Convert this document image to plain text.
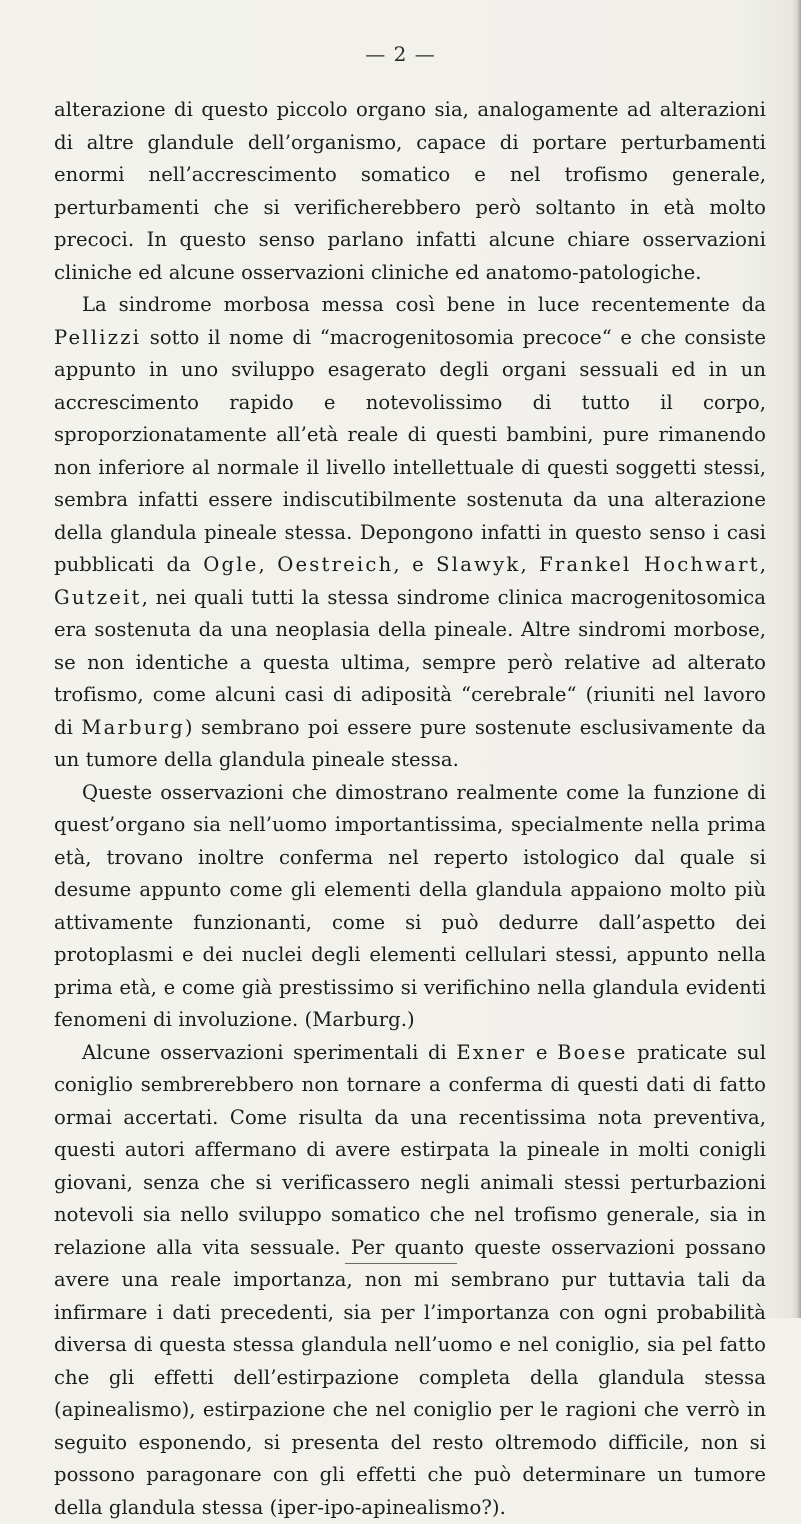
— 2 —

alterazione di questo piccolo organo sia, analogamente ad alterazioni di altre glandule dell’organismo, capace di portare perturbamenti enormi nell’accrescimento somatico e nel trofismo generale, perturbamenti che si verificherebbero però soltanto in età molto precoci. In questo senso parlano infatti alcune chiare osservazioni cliniche ed alcune osservazioni cliniche ed anatomo-patologiche.

La sindrome morbosa messa così bene in luce recentemente da Pellizzi sotto il nome di “macrogenitosomia precoce“ e che consiste appunto in uno sviluppo esagerato degli organi sessuali ed in un accrescimento rapido e notevolissimo di tutto il corpo, sproporzionatamente all’età reale di questi bambini, pure rimanendo non inferiore al normale il livello intellettuale di questi soggetti stessi, sembra infatti essere indiscutibilmente sostenuta da una alterazione della glandula pineale stessa. Depongono infatti in questo senso i casi pubblicati da Ogle, Oestreich, e Slawyk, Frankel Hochwart, Gutzeit, nei quali tutti la stessa sindrome clinica macrogenitosomica era sostenuta da una neoplasia della pineale. Altre sindromi morbose, se non identiche a questa ultima, sempre però relative ad alterato trofismo, come alcuni casi di adiposità “cerebrale“ (riuniti nel lavoro di Marburg) sembrano poi essere pure sostenute esclusivamente da un tumore della glandula pineale stessa.

Queste osservazioni che dimostrano realmente come la funzione di quest’organo sia nell’uomo importantissima, specialmente nella prima età, trovano inoltre conferma nel reperto istologico dal quale si desume appunto come gli elementi della glandula appaiono molto più attivamente funzionanti, come si può dedurre dall’aspetto dei protoplasmi e dei nuclei degli elementi cellulari stessi, appunto nella prima età, e come già prestissimo si verifichino nella glandula evidenti fenomeni di involuzione. (Marburg.)

Alcune osservazioni sperimentali di Exner e Boese praticate sul coniglio sembrerebbero non tornare a conferma di questi dati di fatto ormai accertati. Come risulta da una recentissima nota preventiva, questi autori affermano di avere estirpata la pineale in molti conigli giovani, senza che si verificassero negli animali stessi perturbazioni notevoli sia nello sviluppo somatico che nel trofismo generale, sia in relazione alla vita sessuale. Per quanto queste osservazioni possano avere una reale importanza, non mi sembrano pur tuttavia tali da infirmare i dati precedenti, sia per l’importanza con ogni probabilità diversa di questa stessa glandula nell’uomo e nel coniglio, sia pel fatto che gli effetti dell’estirpazione completa della glandula stessa (apinealismo), estirpazione che nel coniglio per le ragioni che verrò in seguito esponendo, si presenta del resto oltremodo difficile, non si possono paragonare con gli effetti che può determinare un tumore della glandula stessa (iper-ipo-apinealismo?).
